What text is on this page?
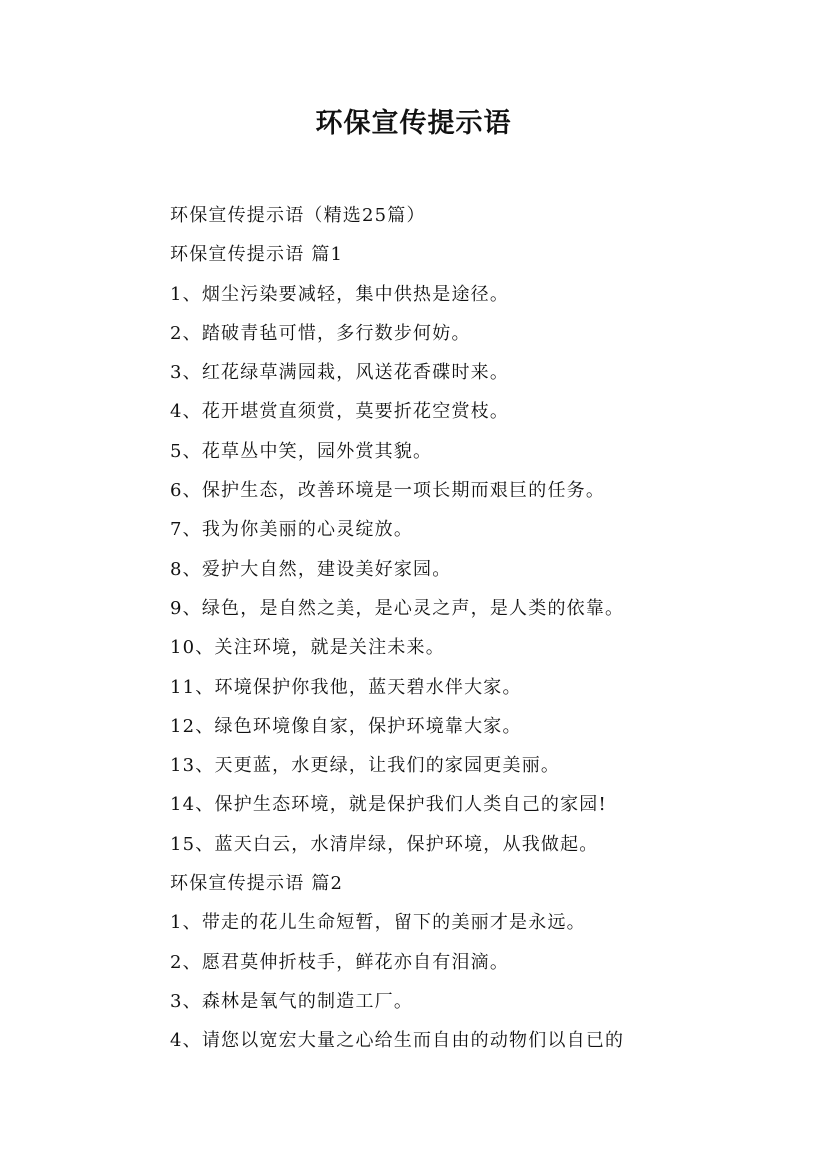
环保宣传提示语
环保宣传提示语（精选25篇）
环保宣传提示语 篇1
1、烟尘污染要减轻，集中供热是途径。
2、踏破青毡可惜，多行数步何妨。
3、红花绿草满园栽，风送花香碟时来。
4、花开堪赏直须赏，莫要折花空赏枝。
5、花草丛中笑，园外赏其貌。
6、保护生态，改善环境是一项长期而艰巨的任务。
7、我为你美丽的心灵绽放。
8、爱护大自然，建设美好家园。
9、绿色，是自然之美，是心灵之声，是人类的依靠。
10、关注环境，就是关注未来。
11、环境保护你我他，蓝天碧水伴大家。
12、绿色环境像自家，保护环境靠大家。
13、天更蓝，水更绿，让我们的家园更美丽。
14、保护生态环境，就是保护我们人类自己的家园!
15、蓝天白云，水清岸绿，保护环境，从我做起。
环保宣传提示语 篇2
1、带走的花儿生命短暂，留下的美丽才是永远。
2、愿君莫伸折枝手，鲜花亦自有泪滴。
3、森林是氧气的制造工厂。
4、请您以宽宏大量之心给生而自由的动物们以自已的
